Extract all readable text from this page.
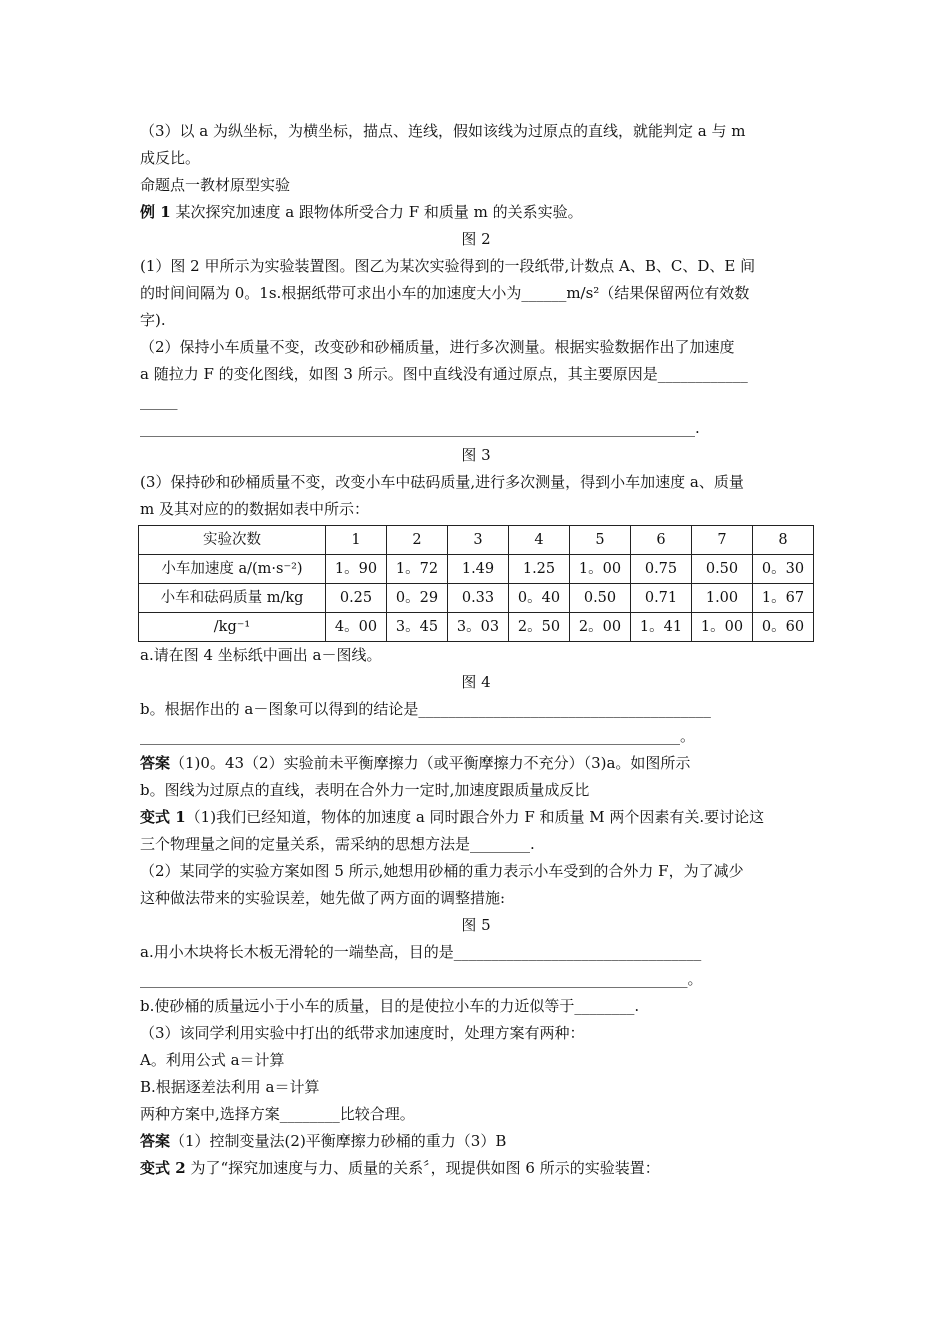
（3）以 a 为纵坐标，为横坐标，描点、连线，假如该线为过原点的直线，就能判定 a 与 m

成反比。

命题点一教材原型实验

例 1 某次探究加速度 a 跟物体所受合力 F 和质量 m 的关系实验。

图 2

(1）图 2 甲所示为实验装置图。图乙为某次实验得到的一段纸带,计数点 A、B、C、D、E 间

的时间间隔为 0。1s.根据纸带可求出小车的加速度大小为______m/s²（结果保留两位有效数

字).

（2）保持小车质量不变，改变砂和砂桶质量，进行多次测量。根据实验数据作出了加速度

a 随拉力 F 的变化图线，如图 3 所示。图中直线没有通过原点，其主要原因是____________

_____

__________________________________________________________________________.

图 3

(3）保持砂和砂桶质量不变，改变小车中砝码质量,进行多次测量，得到小车加速度 a、质量

m 及其对应的的数据如表中所示：

实验次数	1	2	3	4	5	6	7	8
小车加速度 a/(m·s⁻²)	1。90	1。72	1.49	1.25	1。00	0.75	0.50	0。30
小车和砝码质量 m/kg	0.25	0。29	0.33	0。40	0.50	0.71	1.00	1。67
/kg⁻¹	4。00	3。45	3。03	2。50	2。00	1。41	1。00	0。60

a.请在图 4 坐标纸中画出 a－图线。

图 4

b。根据作出的 a－图象可以得到的结论是_______________________________________

________________________________________________________________________。

答案（1)0。43（2）实验前未平衡摩擦力（或平衡摩擦力不充分）（3)a。如图所示

b。图线为过原点的直线，表明在合外力一定时,加速度跟质量成反比

变式 1（1)我们已经知道，物体的加速度 a 同时跟合外力 F 和质量 M 两个因素有关.要讨论这

三个物理量之间的定量关系，需采纳的思想方法是________.

（2）某同学的实验方案如图 5 所示,她想用砂桶的重力表示小车受到的合外力 F，为了减少

这种做法带来的实验误差，她先做了两方面的调整措施:

图 5

a.用小木块将长木板无滑轮的一端垫高，目的是_________________________________

_________________________________________________________________________。

b.使砂桶的质量远小于小车的质量，目的是使拉小车的力近似等于________.

（3）该同学利用实验中打出的纸带求加速度时，处理方案有两种：

A。利用公式 a＝计算

B.根据逐差法利用 a＝计算

两种方案中,选择方案________比较合理。

答案（1）控制变量法(2)平衡摩擦力砂桶的重力（3）B

变式 2 为了“探究加速度与力、质量的关系〞，现提供如图 6 所示的实验装置：
